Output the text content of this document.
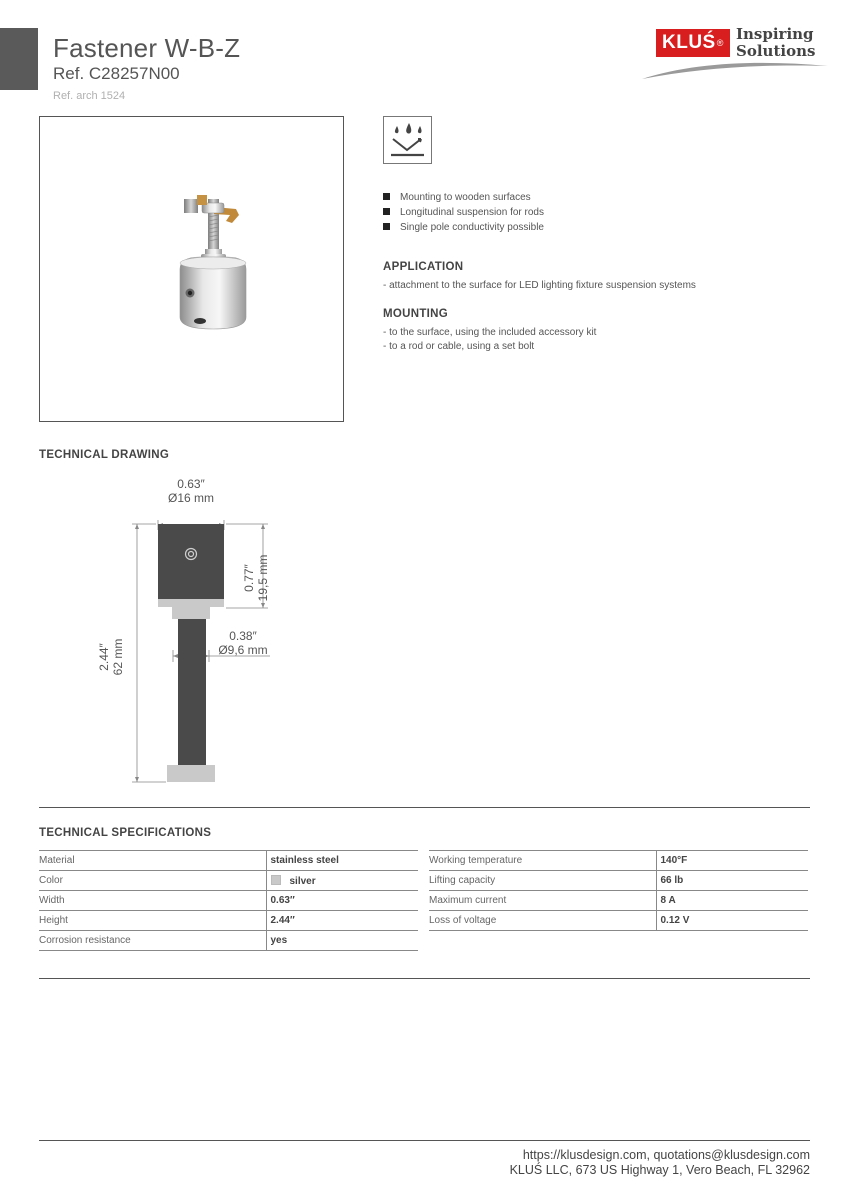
Fastener W-B-Z
Ref. C28257N00
Ref. arch 1524
KLUŚ® Inspiring
Solutions
Mounting to wooden surfaces
Longitudinal suspension for rods
Single pole conductivity possible
APPLICATION
- attachment to the surface for LED lighting fixture suspension systems
MOUNTING
- to the surface, using the included accessory kit
- to a rod or cable, using a set bolt
TECHNICAL DRAWING
0.63″
Ø16 mm
0.77″ 19,5 mm
0.38″
Ø9,6 mm
2.44″ 62 mm
TECHNICAL SPECIFICATIONS
Material	stainless steel
Color	silver
Width	0.63″
Height	2.44″
Corrosion resistance	yes
Working temperature	140°F
Lifting capacity	66 lb
Maximum current	8 A
Loss of voltage	0.12 V
https://klusdesign.com, quotations@klusdesign.com
KLUŚ LLC, 673 US Highway 1, Vero Beach, FL 32962
